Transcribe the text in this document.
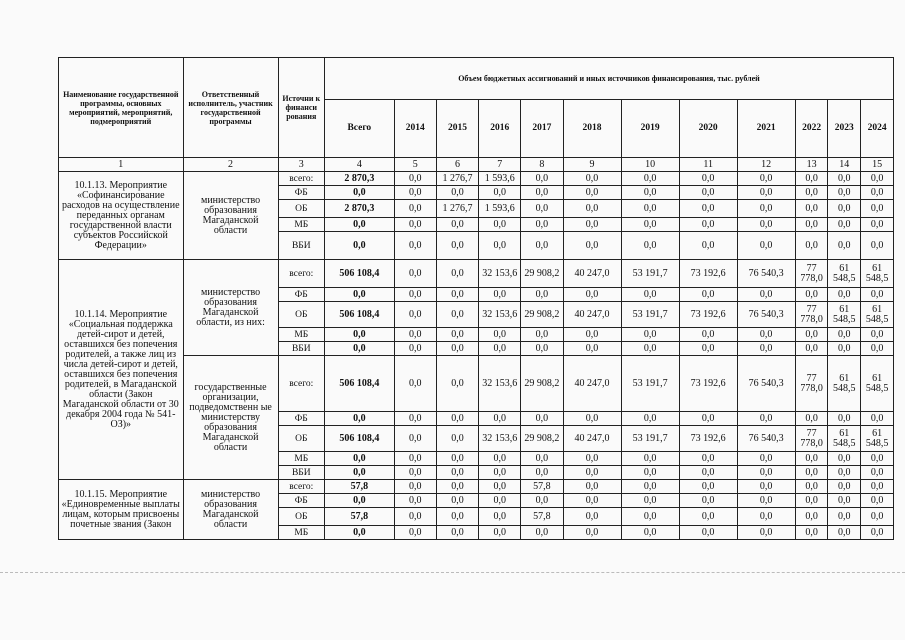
Наименование государственной программы, основных мероприятий, мероприятий, подмероприятий	Ответственный исполнитель, участник государственной программы	Источни к финанси рования	Объем бюджетных ассигнований и иных источников финансирования, тыс. рублей											
			Всего	2014	2015	2016	2017	2018	2019	2020	2021	2022	2023	2024
1	2	3	4	5	6	7	8	9	10	11	12	13	14	15
10.1.13. Мероприятие «Софинансирование расходов на осуществление переданных органам государственной власти субъектов Российской Федерации»	министерство образования Магаданской области	всего:	2 870,3	0,0	1 276,7	1 593,6	0,0	0,0	0,0	0,0	0,0	0,0	0,0	0,0
		ФБ	0,0	0,0	0,0	0,0	0,0	0,0	0,0	0,0	0,0	0,0	0,0	0,0
		ОБ	2 870,3	0,0	1 276,7	1 593,6	0,0	0,0	0,0	0,0	0,0	0,0	0,0	0,0
		МБ	0,0	0,0	0,0	0,0	0,0	0,0	0,0	0,0	0,0	0,0	0,0	0,0
		ВБИ	0,0	0,0	0,0	0,0	0,0	0,0	0,0	0,0	0,0	0,0	0,0	0,0
10.1.14. Мероприятие «Социальная поддержка детей-сирот и детей, оставшихся без попечения родителей, а также лиц из числа детей-сирот и детей, оставшихся без попечения родителей, в Магаданской области (Закон Магаданской области от 30 декабря 2004 года № 541-ОЗ)»	министерство образования Магаданской области, из них:	всего:	506 108,4	0,0	0,0	32 153,6	29 908,2	40 247,0	53 191,7	73 192,6	76 540,3	77 778,0	61 548,5	61 548,5
		ФБ	0,0	0,0	0,0	0,0	0,0	0,0	0,0	0,0	0,0	0,0	0,0	0,0
		ОБ	506 108,4	0,0	0,0	32 153,6	29 908,2	40 247,0	53 191,7	73 192,6	76 540,3	77 778,0	61 548,5	61 548,5
		МБ	0,0	0,0	0,0	0,0	0,0	0,0	0,0	0,0	0,0	0,0	0,0	0,0
		ВБИ	0,0	0,0	0,0	0,0	0,0	0,0	0,0	0,0	0,0	0,0	0,0	0,0
	государственные организации, подведомственн ые министерству образования Магаданской области	всего:	506 108,4	0,0	0,0	32 153,6	29 908,2	40 247,0	53 191,7	73 192,6	76 540,3	77 778,0	61 548,5	61 548,5
		ФБ	0,0	0,0	0,0	0,0	0,0	0,0	0,0	0,0	0,0	0,0	0,0	0,0
		ОБ	506 108,4	0,0	0,0	32 153,6	29 908,2	40 247,0	53 191,7	73 192,6	76 540,3	77 778,0	61 548,5	61 548,5
		МБ	0,0	0,0	0,0	0,0	0,0	0,0	0,0	0,0	0,0	0,0	0,0	0,0
		ВБИ	0,0	0,0	0,0	0,0	0,0	0,0	0,0	0,0	0,0	0,0	0,0	0,0
10.1.15. Мероприятие «Единовременные выплаты лицам, которым присвоены почетные звания (Закон	министерство образования Магаданской области	всего:	57,8	0,0	0,0	0,0	57,8	0,0	0,0	0,0	0,0	0,0	0,0	0,0
		ФБ	0,0	0,0	0,0	0,0	0,0	0,0	0,0	0,0	0,0	0,0	0,0	0,0
		ОБ	57,8	0,0	0,0	0,0	57,8	0,0	0,0	0,0	0,0	0,0	0,0	0,0
		МБ	0,0	0,0	0,0	0,0	0,0	0,0	0,0	0,0	0,0	0,0	0,0	0,0
